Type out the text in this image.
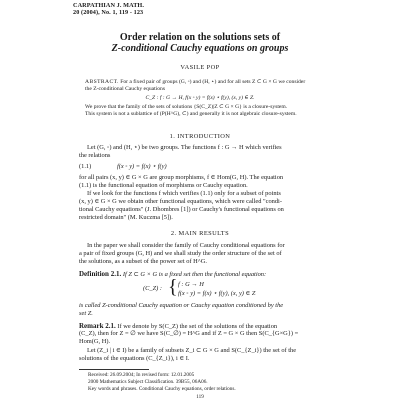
CARPATHIAN J. MATH.
20 (2004), No. 1, 119 - 123
Order relation on the solutions sets of
Z-conditional Cauchy equations on groups
VASILE POP
ABSTRACT. For a fixed pair of groups (G, ◦) and (H, ⋆) and for all sets Z ⊂ G × G we consider
the Z-conditional Cauchy equations
C_Z : f : G → H, f(x ◦ y) = f(x) ⋆ f(y), (x, y) ∈ Z.
We prove that the family of the sets of solutions {S(C_Z)|Z ⊂ G × G} is a closure-system.
This system is not a sublattice of (P(H^G), ⊂) and generally it is not algebraic closure-system.
1. INTRODUCTION
Let (G, ◦) and (H, ⋆) be two groups. The functions f : G → H which verifies
the relations
(1.1)	f(x ◦ y) = f(x) ⋆ f(y)
for all pairs (x, y) ∈ G × G are group morphisms, f ∈ Hom(G, H). The equation
(1.1) is the functional equation of morphisms or Cauchy equation.
If we look for the functions f which verifies (1.1) only for a subset of points
(x, y) ∈ G × G we obtain other functional equations, which were called "condi-
tional Cauchy equations" (J. Dhombres [1]) or Cauchy's functional equations on
restricted domain" (M. Kuczma [5]).
2. MAIN RESULTS
In the paper we shall consider the family of Cauchy conditional equations for
a pair of fixed groups (G, H) and we shall study the order structure of the set of
the solutions, as a subset of the power set of H^G.
Definition 2.1. If Z ⊂ G × G is a fixed set then the functional equation:
(C_Z) : { f : G → H
f(x ◦ y) = f(x) ⋆ f(y), (x, y) ∈ Z
is called Z-conditional Cauchy equation or Cauchy equation conditioned by the
set Z.
Remark 2.1. If we denote by S(C_Z) the set of the solutions of the equation
(C_Z), then for Z = ∅ we have S(C_∅) = H^G and if Z = G × G then S(C_{G×G}) =
Hom(G, H).
Let (Z_i | i ∈ I) be a family of subsets Z_i ⊂ G × G and S(C_{Z_i}) the set of the
solutions of the equations (C_{Z_i}), i ∈ I.
Received: 26.09.2004; In revised form: 12.01.2005
2000 Mathematics Subject Classification. 39B55, 06A06.
Key words and phrases. Conditional Cauchy equations, order relations.
119
